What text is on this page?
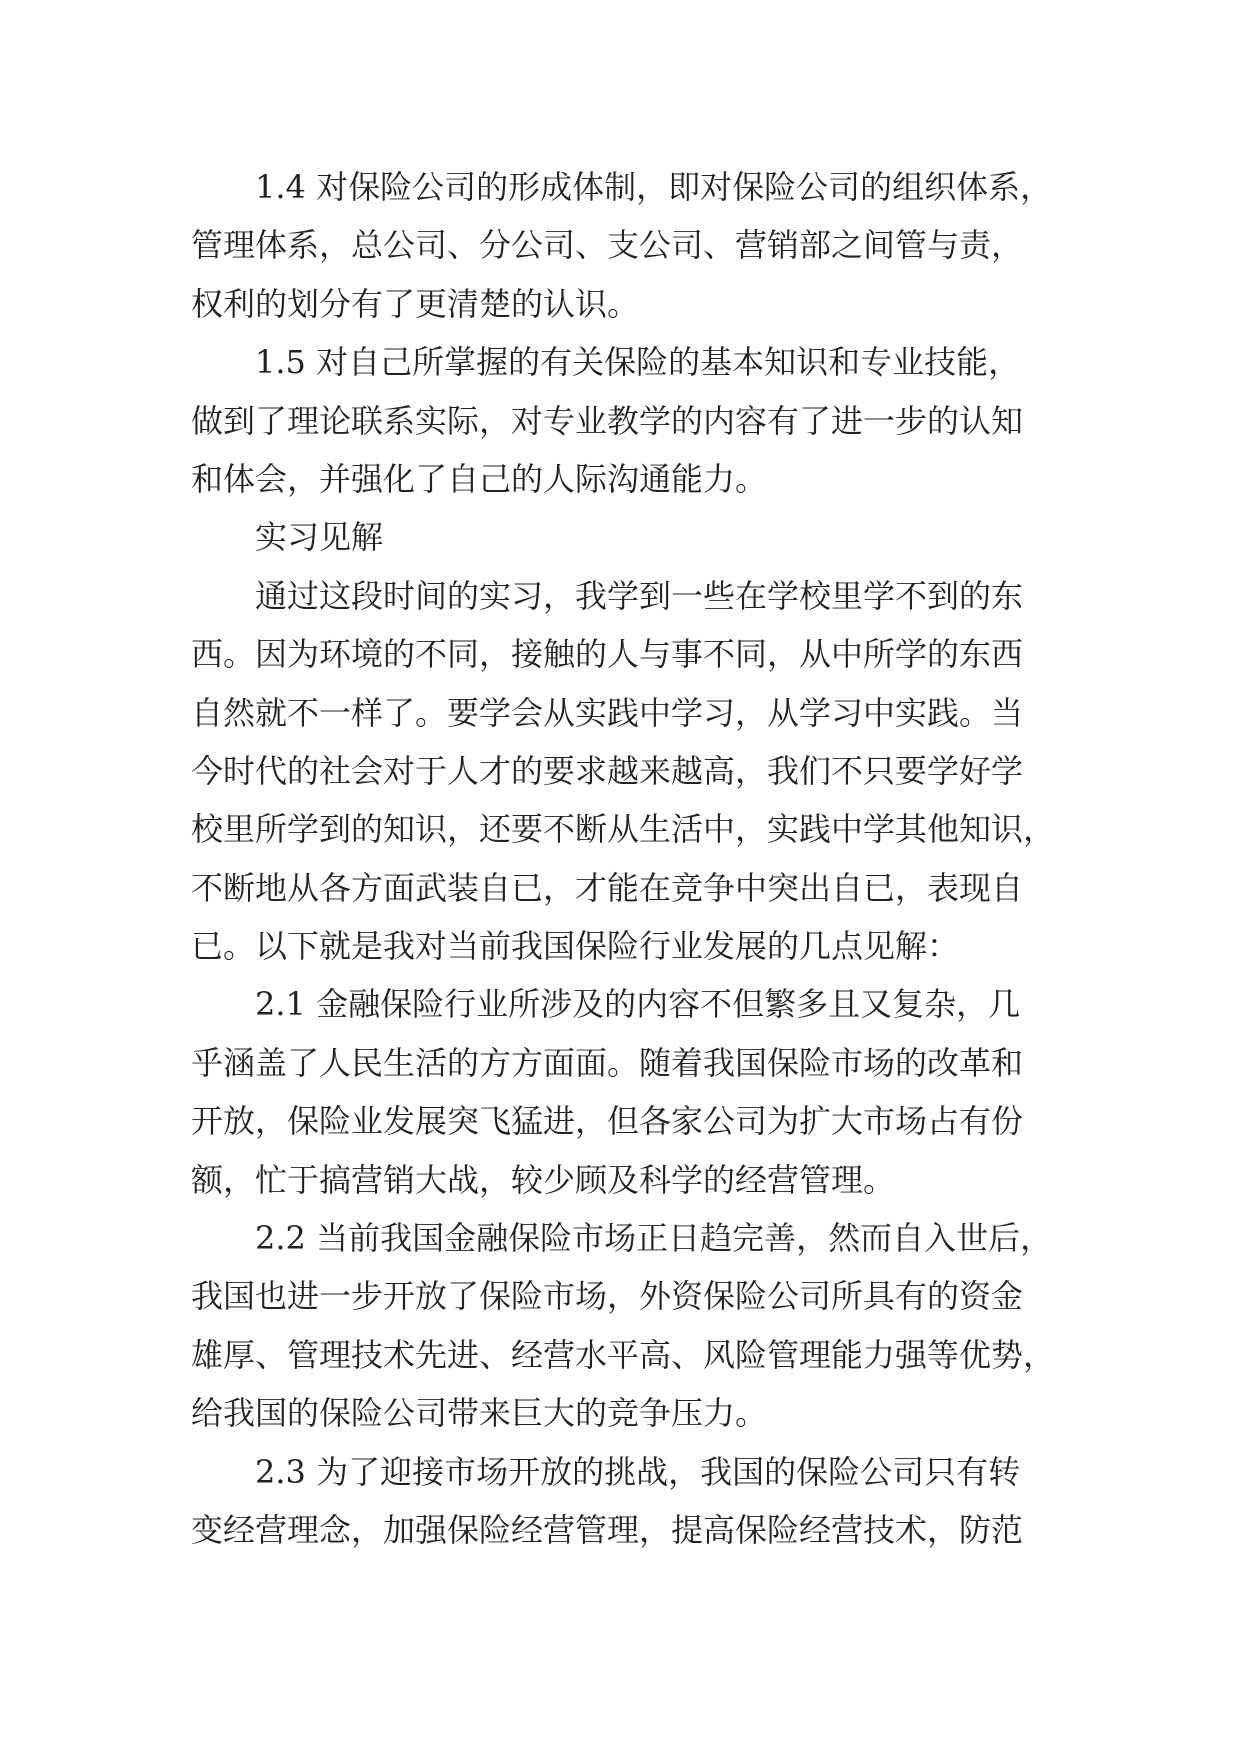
　　1.4 对保险公司的形成体制，即对保险公司的组织体系，
管理体系，总公司、分公司、支公司、营销部之间管与责，
权利的划分有了更清楚的认识。
　　1.5 对自己所掌握的有关保险的基本知识和专业技能，
做到了理论联系实际，对专业教学的内容有了进一步的认知
和体会，并强化了自己的人际沟通能力。
　　实习见解
　　通过这段时间的实习，我学到一些在学校里学不到的东
西。因为环境的不同，接触的人与事不同，从中所学的东西
自然就不一样了。要学会从实践中学习，从学习中实践。当
今时代的社会对于人才的要求越来越高，我们不只要学好学
校里所学到的知识，还要不断从生活中，实践中学其他知识，
不断地从各方面武装自已，才能在竞争中突出自已，表现自
已。以下就是我对当前我国保险行业发展的几点见解：
　　2.1 金融保险行业所涉及的内容不但繁多且又复杂，几
乎涵盖了人民生活的方方面面。随着我国保险市场的改革和
开放，保险业发展突飞猛进，但各家公司为扩大市场占有份
额，忙于搞营销大战，较少顾及科学的经营管理。
　　2.2 当前我国金融保险市场正日趋完善，然而自入世后，
我国也进一步开放了保险市场，外资保险公司所具有的资金
雄厚、管理技术先进、经营水平高、风险管理能力强等优势，
给我国的保险公司带来巨大的竞争压力。
　　2.3 为了迎接市场开放的挑战，我国的保险公司只有转
变经营理念，加强保险经营管理，提高保险经营技术，防范
